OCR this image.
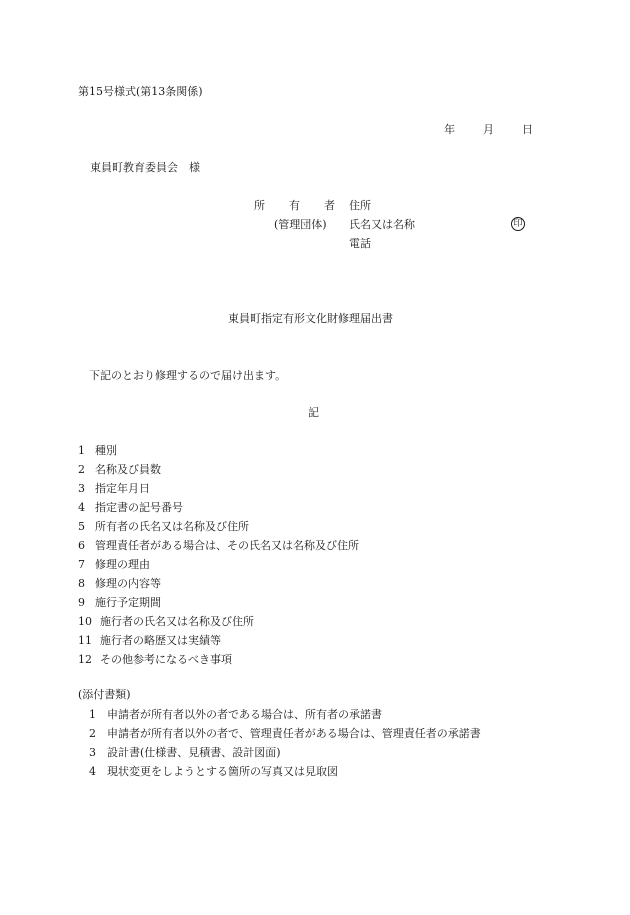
第15号様式(第13条関係)
年	月	日
東員町教育委員会　様
所 有 者
(管理団体)
住所
氏名又は名称
電話
印
東員町指定有形文化財修理届出書
下記のとおり修理するので届け出ます。
記
1 種別
2 名称及び員数
3 指定年月日
4 指定書の記号番号
5 所有者の氏名又は名称及び住所
6 管理責任者がある場合は、その氏名又は名称及び住所
7 修理の理由
8 修理の内容等
9 施行予定期間
10 施行者の氏名又は名称及び住所
11 施行者の略歴又は実績等
12 その他参考になるべき事項
(添付書類)
1	申請者が所有者以外の者である場合は、所有者の承諾書
2	申請者が所有者以外の者で、管理責任者がある場合は、管理責任者の承諾書
3	設計書(仕様書、見積書、設計図面)
4	現状変更をしようとする箇所の写真又は見取図
